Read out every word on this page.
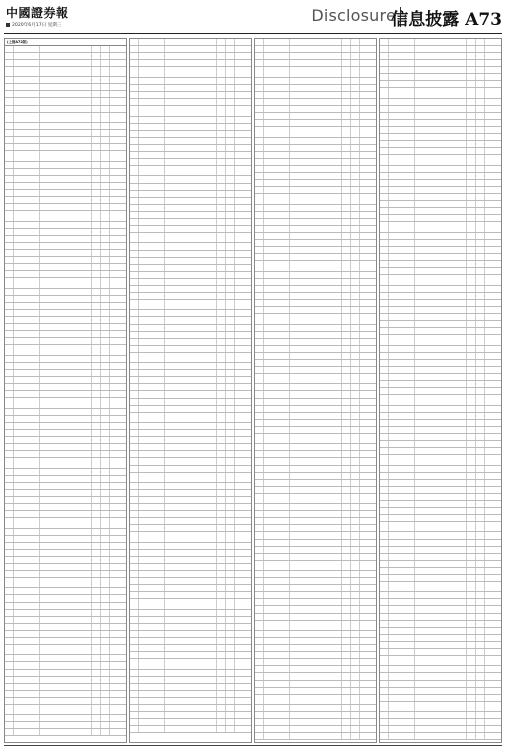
中國證券報
2020年6月17日 星期三
Disclosure
信息披露 A73
(上接A72版)
